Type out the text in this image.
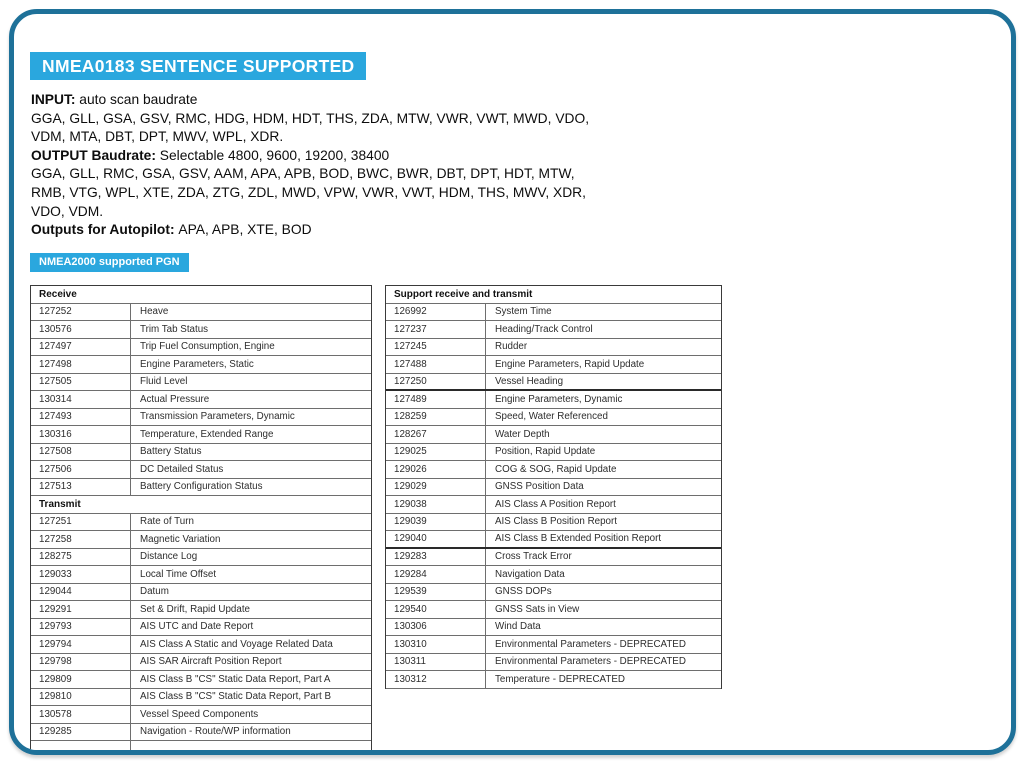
NMEA0183 SENTENCE SUPPORTED
INPUT: auto scan baudrate
GGA, GLL, GSA, GSV, RMC, HDG, HDM, HDT, THS, ZDA, MTW, VWR, VWT, MWD, VDO,
VDM, MTA, DBT, DPT, MWV, WPL, XDR.
OUTPUT Baudrate: Selectable 4800, 9600, 19200, 38400
GGA, GLL, RMC, GSA, GSV, AAM, APA, APB, BOD, BWC, BWR, DBT, DPT, HDT, MTW,
RMB, VTG, WPL, XTE, ZDA, ZTG, ZDL, MWD, VPW, VWR, VWT, HDM, THS, MWV, XDR,
VDO, VDM.
Outputs for Autopilot: APA, APB, XTE, BOD
NMEA2000 supported PGN
Receive
127252	Heave
130576	Trim Tab Status
127497	Trip Fuel Consumption, Engine
127498	Engine Parameters, Static
127505	Fluid Level
130314	Actual Pressure
127493	Transmission Parameters, Dynamic
130316	Temperature, Extended Range
127508	Battery Status
127506	DC Detailed Status
127513	Battery Configuration Status
Transmit
127251	Rate of Turn
127258	Magnetic Variation
128275	Distance Log
129033	Local Time Offset
129044	Datum
129291	Set & Drift, Rapid Update
129793	AIS UTC and Date Report
129794	AIS Class A Static and Voyage Related Data
129798	AIS SAR Aircraft Position Report
129809	AIS Class B "CS" Static Data Report, Part A
129810	AIS Class B "CS" Static Data Report, Part B
130578	Vessel Speed Components
129285	Navigation - Route/WP information
Support receive and transmit
126992	System Time
127237	Heading/Track Control
127245	Rudder
127488	Engine Parameters, Rapid Update
127250	Vessel Heading
127489	Engine Parameters, Dynamic
128259	Speed, Water Referenced
128267	Water Depth
129025	Position, Rapid Update
129026	COG & SOG, Rapid Update
129029	GNSS Position Data
129038	AIS Class A Position Report
129039	AIS Class B Position Report
129040	AIS Class B Extended Position Report
129283	Cross Track Error
129284	Navigation Data
129539	GNSS DOPs
129540	GNSS Sats in View
130306	Wind Data
130310	Environmental Parameters - DEPRECATED
130311	Environmental Parameters - DEPRECATED
130312	Temperature - DEPRECATED
